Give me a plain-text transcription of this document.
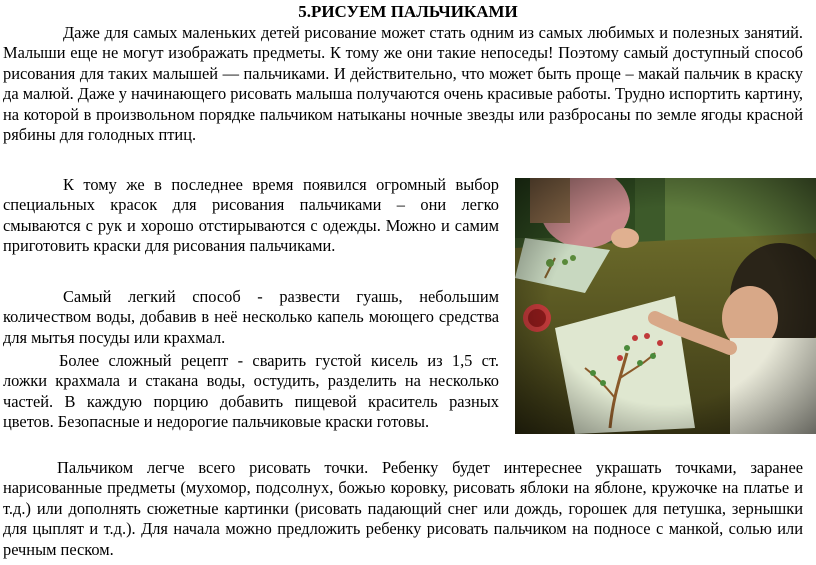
5.РИСУЕМ ПАЛЬЧИКАМИ

Даже для самых маленьких детей рисование может стать одним из самых любимых и полезных занятий. Малыши еще не могут изображать предметы. К тому же они такие непоседы! Поэтому самый доступный способ рисования для таких малышей — пальчиками. И действительно, что может быть проще – макай пальчик в краску да малюй. Даже у начинающего рисовать малыша получаются очень красивые работы. Трудно испортить картину, на которой в произвольном порядке пальчиком натыканы ночные звезды или разбросаны по земле ягоды красной рябины для голодных птиц.

К тому же в последнее время появился огромный выбор специальных красок для рисования пальчиками – они легко смываются с рук и хорошо отстирываются с одежды. Можно и самим приготовить краски для рисования пальчиками.

Самый легкий способ - развести гуашь, небольшим количеством воды, добавив в неё несколько капель моющего средства для мытья посуды или крахмал.

Более сложный рецепт - сварить густой кисель из 1,5 ст. ложки крахмала и стакана воды, остудить, разделить на несколько частей. В каждую порцию добавить пищевой краситель разных цветов. Безопасные и недорогие пальчиковые краски готовы.

Пальчиком легче всего рисовать точки. Ребенку будет интереснее украшать точками, заранее нарисованные предметы (мухомор, подсолнух, божью коровку, рисовать яблоки на яблоне, кружочке на платье и т.д.) или дополнять сюжетные картинки (рисовать падающий снег или дождь, горошек для петушка, зернышки для цыплят и т.д.). Для начала можно предложить ребенку рисовать пальчиком на подносе с манкой, солью или речным песком.
